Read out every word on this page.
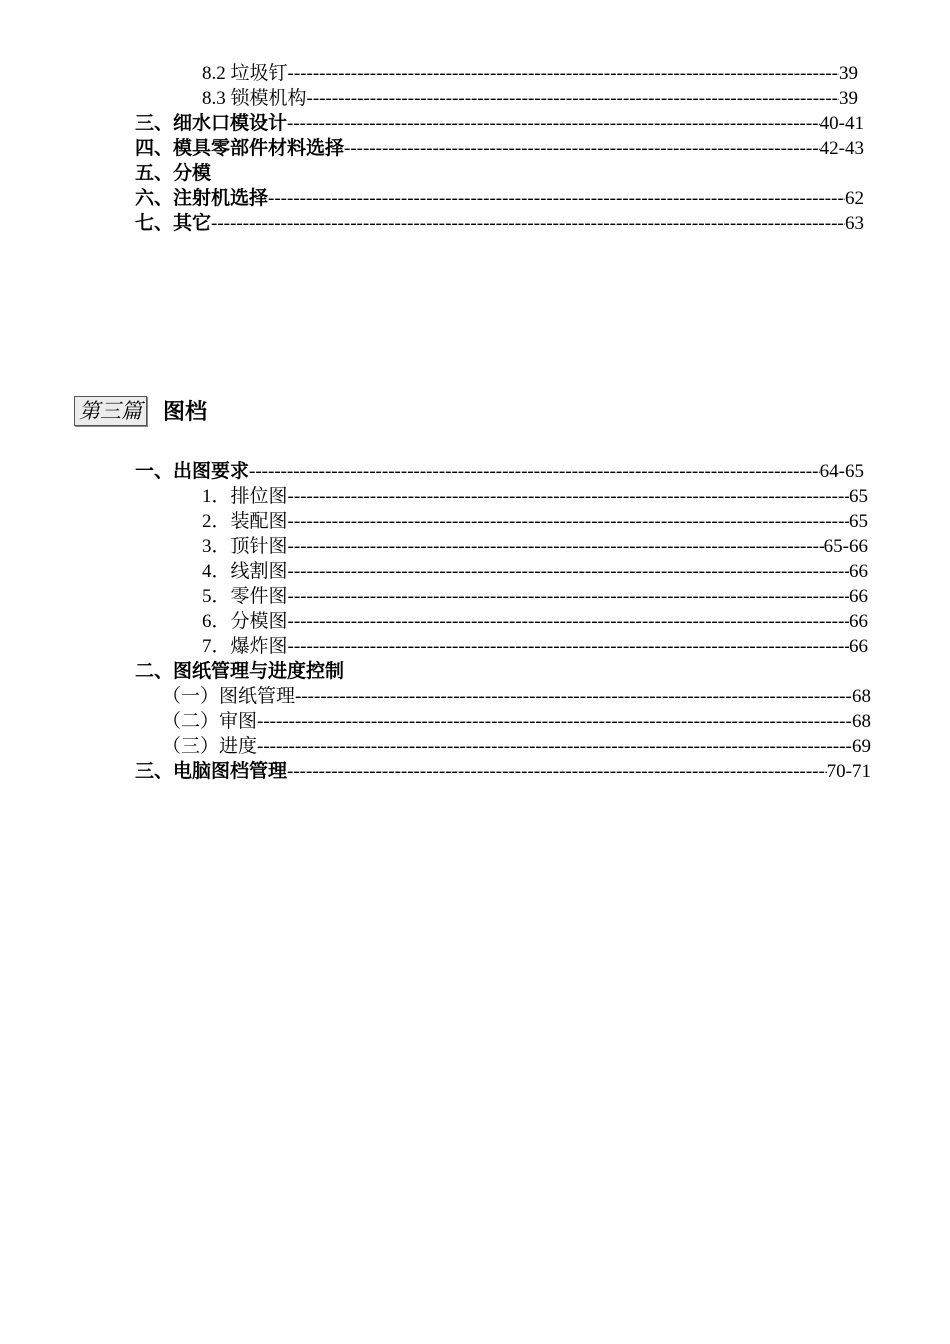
8.2 垃圾钉 -----	39
8.3 锁模机构 -----	39
三、细水口模设计 -----	40-41
四、模具零部件材料选择 -----	42-43
五、分模
六、注射机选择 -----	62
七、其它 -----	63
第三篇 图档
一、出图要求 -----	64-65
1．排位图 -----	65
2．装配图 -----	65
3．顶针图 -----	65-66
4．线割图 -----	66
5．零件图 -----	66
6．分模图 -----	66
7．爆炸图 -----	66
二、图纸管理与进度控制
（一）图纸管理 -----	68
（二）审图 -----	68
（三）进度 -----	69
三、电脑图档管理 -----	70-71
